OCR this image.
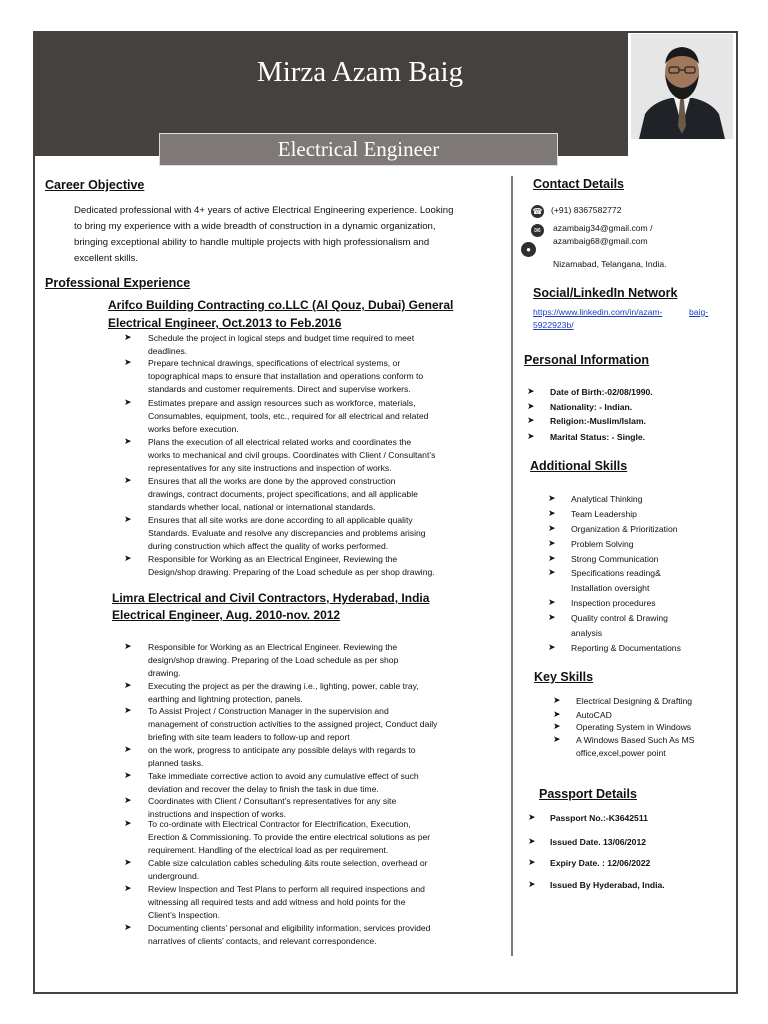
Mirza Azam Baig
Electrical Engineer
Career Objective
Dedicated professional with 4+ years of active Electrical Engineering experience. Looking
to bring my experience with a wide breadth of construction in a dynamic organization,
bringing exceptional ability to handle multiple projects with high professionalism and
excellent skills.
Professional Experience
Arifco Building Contracting co.LLC (Al Qouz, Dubai) General
Electrical Engineer, Oct.2013 to Feb.2016
➤ Schedule the project in logical steps and budget time required to meet
deadlines.
➤ Prepare technical drawings, specifications of electrical systems, or
topographical maps to ensure that installation and operations conform to
standards and customer requirements. Direct and supervise workers.
➤ Estimates prepare and assign resources such as workforce, materials,
Consumables, equipment, tools, etc., required for all electrical and related
works before execution.
➤ Plans the execution of all electrical related works and coordinates the
works to mechanical and civil groups. Coordinates with Client / Consultant’s
representatives for any site instructions and inspection of works.
➤ Ensures that all the works are done by the approved construction
drawings, contract documents, project specifications, and all applicable
standards whether local, national or international standards.
➤ Ensures that all site works are done according to all applicable quality
Standards. Evaluate and resolve any discrepancies and problems arising
during construction which affect the quality of works performed.
➤ Responsible for Working as an Electrical Engineer, Reviewing the
Design/shop drawing. Preparing of the Load schedule as per shop drawing.
Limra Electrical and Civil Contractors, Hyderabad, India
Electrical Engineer, Aug. 2010-nov. 2012
➤ Responsible for Working as an Electrical Engineer. Reviewing the
design/shop drawing. Preparing of the Load schedule as per shop
drawing.
➤ Executing the project as per the drawing i.e., lighting, power, cable tray,
earthing and lightning protection, panels.
➤ To Assist Project / Construction Manager in the supervision and
management of construction activities to the assigned project, Conduct daily
briefing with site team leaders to follow-up and report
➤ on the work, progress to anticipate any possible delays with regards to
planned tasks.
➤ Take immediate corrective action to avoid any cumulative effect of such
deviation and recover the delay to finish the task in due time.
➤ Coordinates with Client / Consultant’s representatives for any site
instructions and inspection of works.
➤ To co-ordinate with Electrical Contractor for Electrification, Execution,
Erection & Commissioning. To provide the entire electrical solutions as per
requirement. Handling of the electrical load as per requirement.
➤ Cable size calculation cables scheduling &its route selection, overhead or
underground.
➤ Review Inspection and Test Plans to perform all required inspections and
witnessing all required tests and add witness and hold points for the
Client’s Inspection.
➤ Documenting clients’ personal and eligibility information, services provided
narratives of clients’ contacts, and relevant correspondence.
Contact Details
☎ (+91) 8367582772
✉	azambaig34@gmail.com /
azambaig68@gmail.com
●
Nizamabad, Telangana, India.
Social/LinkedIn Network
https://www.linkedin.com/in/azam-	baig-
5922923b/
Personal Information
➤ Date of Birth:-02/08/1990.
➤ Nationality: - Indian.
➤ Religion:-Muslim/Islam.
➤ Marital Status: - Single.
Additional Skills
➤ Analytical Thinking
➤ Team Leadership
➤ Organization & Prioritization
➤ Problem Solving
➤ Strong Communication
➤ Specifications reading&
Installation oversight
➤ Inspection procedures
➤ Quality control & Drawing
analysis
➤ Reporting & Documentations
Key Skills
➤ Electrical Designing & Drafting
➤ AutoCAD
➤ Operating System in Windows
➤ A Windows Based Such As MS
office,excel,power point
Passport Details
➤ Passport No.:-K3642511
➤ Issued Date. 13/06/2012
➤ Expiry Date. : 12/06/2022
➤ Issued By Hyderabad, India.
